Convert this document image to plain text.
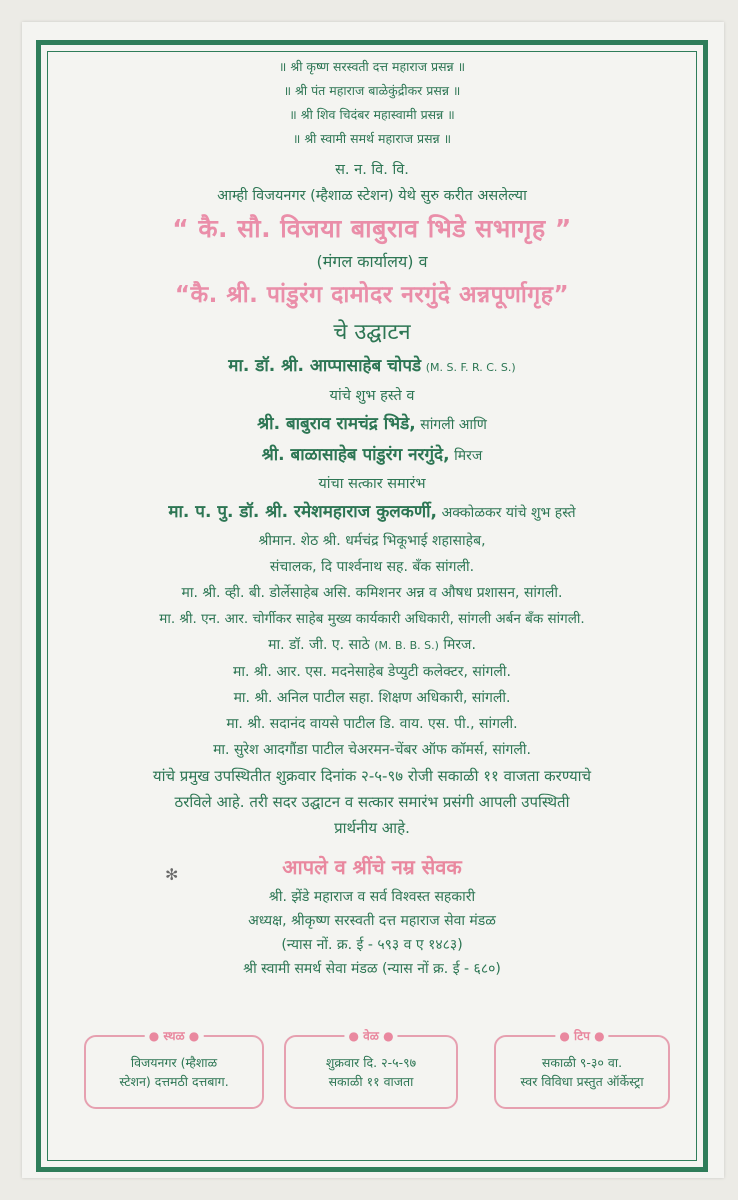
॥ श्री कृष्ण सरस्वती दत्त महाराज प्रसन्न ॥
॥ श्री पंत महाराज बाळेकुंद्रीकर प्रसन्न ॥
॥ श्री शिव चिदंबर महास्वामी प्रसन्न ॥
॥ श्री स्वामी समर्थ महाराज प्रसन्न ॥
स. न. वि. वि.
आम्ही विजयनगर (म्हैशाळ स्टेशन) येथे सुरु करीत असलेल्या
“ कै. सौ. विजया बाबुराव भिडे सभागृह ”
(मंगल कार्यालय) व
“कै. श्री. पांडुरंग दामोदर नरगुंदे अन्नपूर्णागृह”
चे उद्घाटन
मा. डॉ. श्री. आप्पासाहेब चोपडे (M. S. F. R. C. S.)
यांचे शुभ हस्ते व
श्री. बाबुराव रामचंद्र भिडे, सांगली आणि
श्री. बाळासाहेब पांडुरंग नरगुंदे, मिरज
यांचा सत्कार समारंभ
मा. प. पु. डॉ. श्री. रमेशमहाराज कुलकर्णी, अक्कोळकर यांचे शुभ हस्ते
श्रीमान. शेठ श्री. धर्मचंद्र भिकूभाई शहासाहेब,
संचालक, दि पार्श्वनाथ सह. बँक सांगली.
मा. श्री. व्ही. बी. डोर्लेसाहेब असि. कमिशनर अन्न व औषध प्रशासन, सांगली.
मा. श्री. एन. आर. चोर्गीकर साहेब मुख्य कार्यकारी अधिकारी, सांगली अर्बन बँक सांगली.
मा. डॉ. जी. ए. साठे (M. B. B. S.) मिरज.
मा. श्री. आर. एस. मदनेसाहेब डेप्युटी कलेक्टर, सांगली.
मा. श्री. अनिल पाटील सहा. शिक्षण अधिकारी, सांगली.
मा. श्री. सदानंद वायसे पाटील डि. वाय. एस. पी., सांगली.
मा. सुरेश आदगौंडा पाटील चेअरमन-चेंबर ऑफ कॉमर्स, सांगली.
यांचे प्रमुख उपस्थितीत शुक्रवार दिनांक २-५-९७ रोजी सकाळी ११ वाजता करण्याचे
ठरविले आहे. तरी सदर उद्घाटन व सत्कार समारंभ प्रसंगी आपली उपस्थिती
प्रार्थनीय आहे.
✻	आपले व श्रींचे नम्र सेवक
श्री. झेंडे महाराज व सर्व विश्वस्त सहकारी
अध्यक्ष, श्रीकृष्ण सरस्वती दत्त महाराज सेवा मंडळ
(न्यास नों. क्र. ई - ५९३ व ए १४८३)
श्री स्वामी समर्थ सेवा मंडळ (न्यास नों क्र. ई - ६८०)
● स्थळ ●
विजयनगर (म्हैशाळ
स्टेशन) दत्तमठी दत्तबाग.
● वेळ ●
शुक्रवार दि. २-५-९७
सकाळी ११ वाजता
● टिप ●
सकाळी ९-३० वा.
स्वर विविधा प्रस्तुत ऑर्केस्ट्रा
